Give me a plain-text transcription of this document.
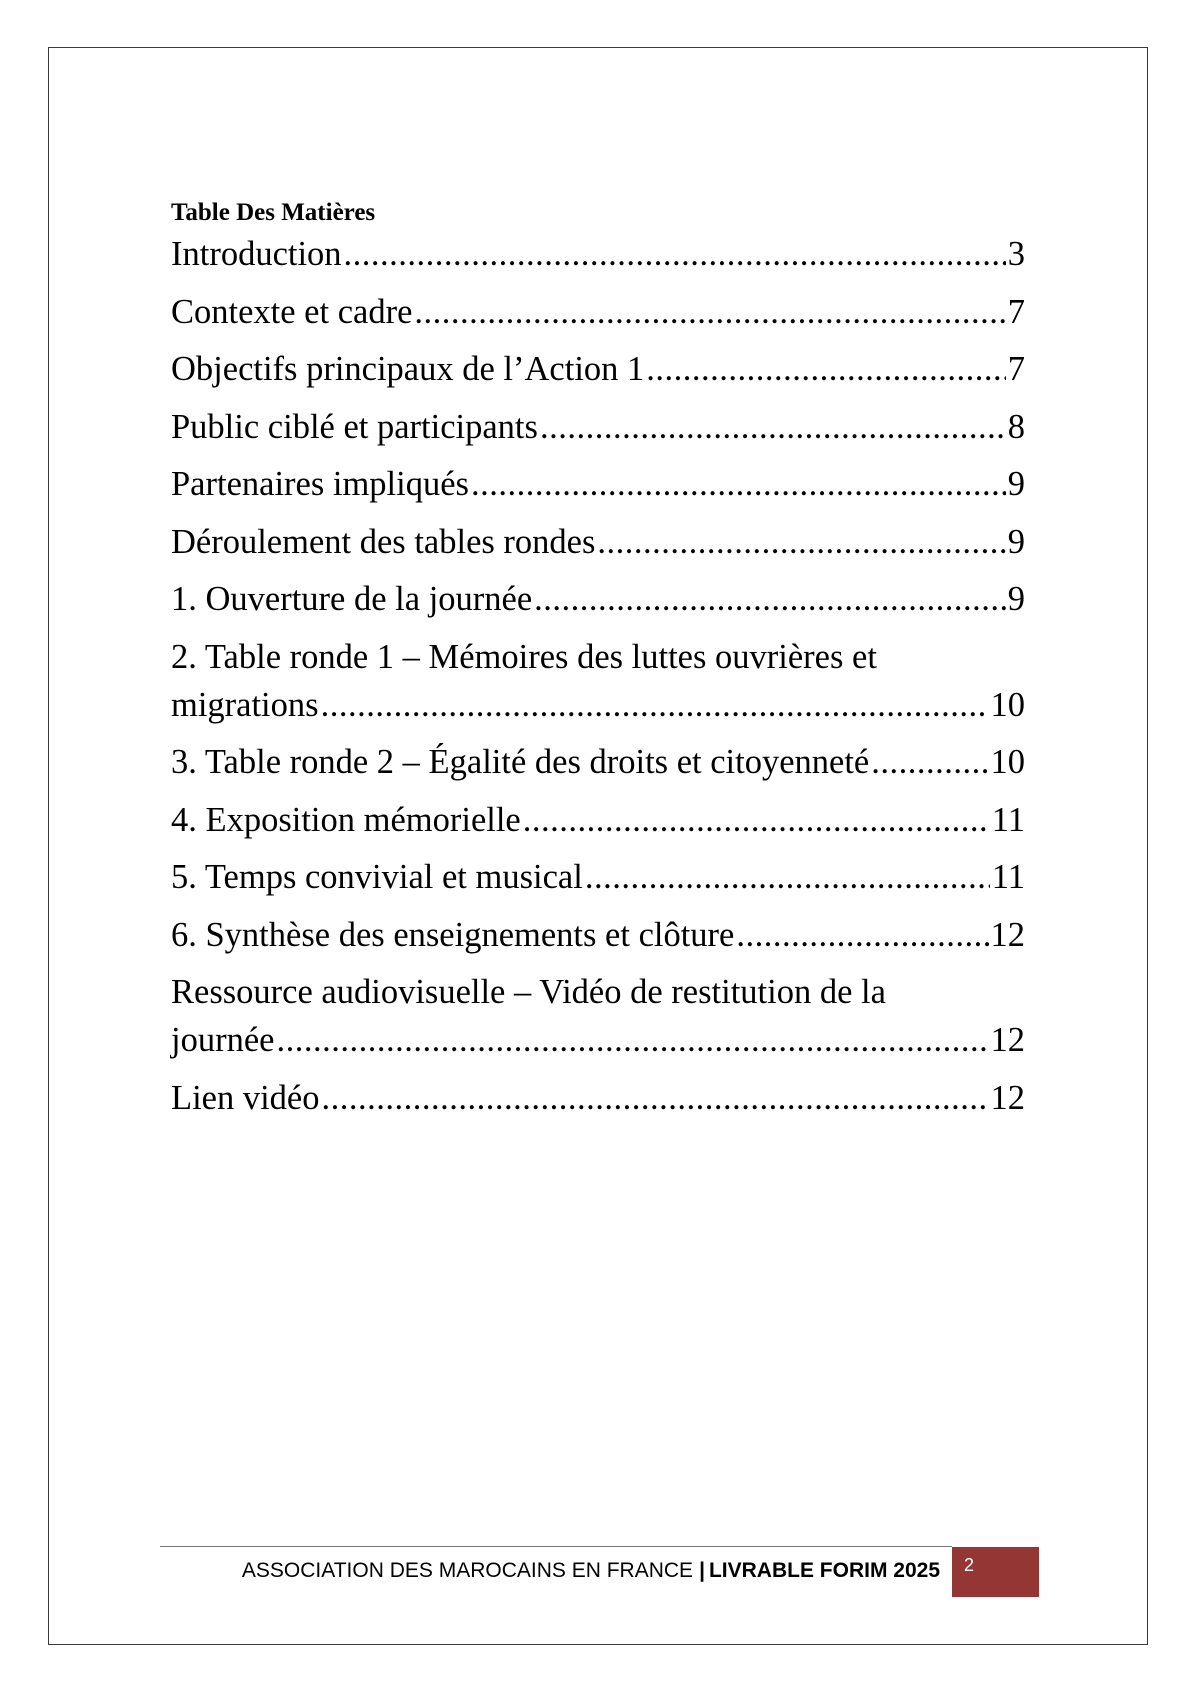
Table Des Matières
Introduction .....	3
Contexte et cadre .....	7
Objectifs principaux de l’Action 1 .....	7
Public ciblé et participants .....	8
Partenaires impliqués .....	9
Déroulement des tables rondes .....	9
1. Ouverture de la journée .....	9
2. Table ronde 1 – Mémoires des luttes ouvrières et
migrations .....	10
3. Table ronde 2 – Égalité des droits et citoyenneté .....	10
4. Exposition mémorielle .....	11
5. Temps convivial et musical .....	11
6. Synthèse des enseignements et clôture .....	12
Ressource audiovisuelle – Vidéo de restitution de la
journée .....	12
Lien vidéo .....	12
ASSOCIATION DES MAROCAINS EN FRANCE | LIVRABLE FORIM 2025 2
